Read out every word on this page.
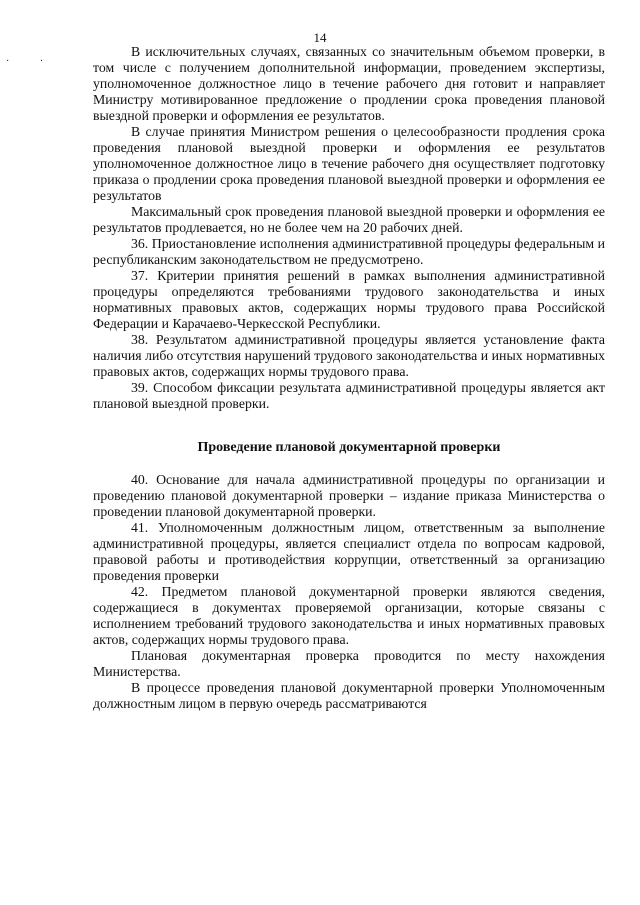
14
· ·

В исключительных случаях, связанных со значительным объемом проверки, в том числе с получением дополнительной информации, проведением экспертизы, уполномоченное должностное лицо в течение рабочего дня готовит и направляет Министру мотивированное предложение о продлении срока проведения плановой выездной проверки и оформления ее результатов.

В случае принятия Министром решения о целесообразности продления срока проведения плановой выездной проверки и оформления ее результатов уполномоченное должностное лицо в течение рабочего дня осуществляет подготовку приказа о продлении срока проведения плановой выездной проверки и оформления ее результатов

Максимальный срок проведения плановой выездной проверки и оформления ее результатов продлевается, но не более чем на 20 рабочих дней.

36. Приостановление исполнения административной процедуры федеральным и республиканским законодательством не предусмотрено.

37. Критерии принятия решений в рамках выполнения административной процедуры определяются требованиями трудового законодательства и иных нормативных правовых актов, содержащих нормы трудового права Российской Федерации и Карачаево-Черкесской Республики.

38. Результатом административной процедуры является установление факта наличия либо отсутствия нарушений трудового законодательства и иных нормативных правовых актов, содержащих нормы трудового права.

39. Способом фиксации результата административной процедуры является акт плановой выездной проверки.

Проведение плановой документарной проверки

40. Основание для начала административной процедуры по организации и проведению плановой документарной проверки – издание приказа Министерства о проведении плановой документарной проверки.

41. Уполномоченным должностным лицом, ответственным за выполнение административной процедуры, является специалист отдела по вопросам кадровой, правовой работы и противодействия коррупции, ответственный за организацию проведения проверки

42. Предметом плановой документарной проверки являются сведения, содержащиеся в документах проверяемой организации, которые связаны с исполнением требований трудового законодательства и иных нормативных правовых актов, содержащих нормы трудового права.

Плановая документарная проверка проводится по месту нахождения Министерства.

В процессе проведения плановой документарной проверки Уполномоченным должностным лицом в первую очередь рассматриваются
